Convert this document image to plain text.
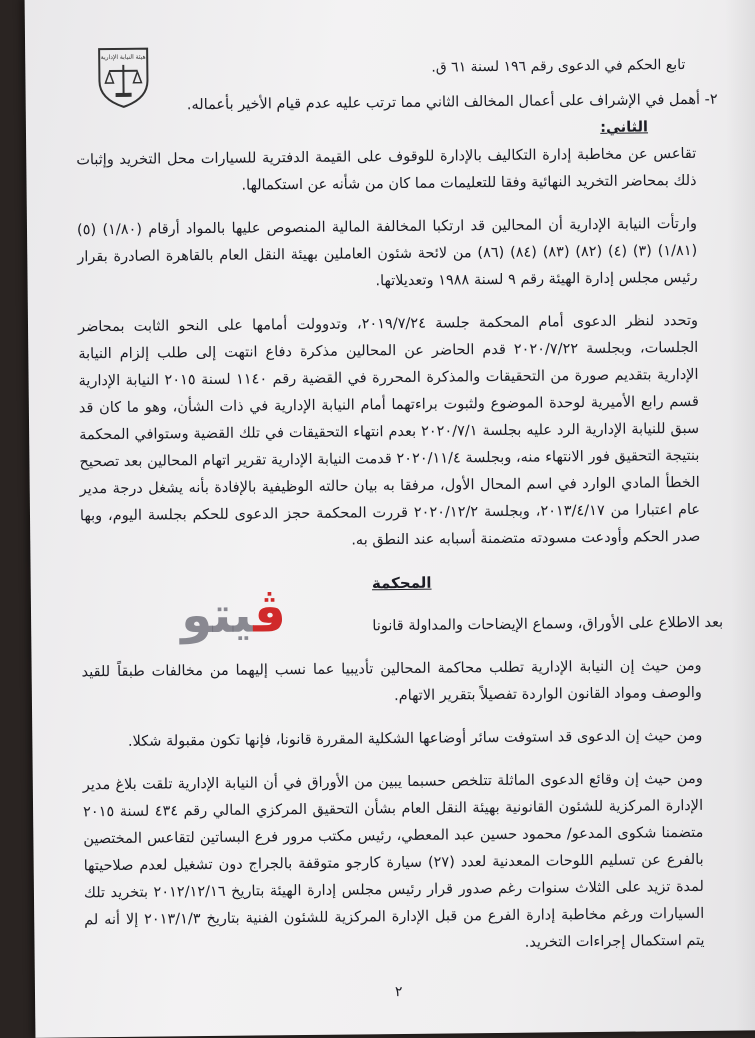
هيئة النيابة الإدارية
تابع الحكم في الدعوى رقم ١٩٦ لسنة ٦١ ق.

٢- أهمل في الإشراف على أعمال المخالف الثاني مما ترتب عليه عدم قيام الأخير بأعماله.

الثاني:

تقاعس عن مخاطبة إدارة التكاليف بالإدارة للوقوف على القيمة الدفترية للسيارات محل التخريد وإثبات ذلك بمحاضر التخريد النهائية وفقا للتعليمات مما كان من شأنه عن استكمالها.

وارتأت النيابة الإدارية أن المحالين قد ارتكبا المخالفة المالية المنصوص عليها بالمواد أرقام (١/٨٠) (٥) (١/٨١) (٣) (٤) (٨٢) (٨٣) (٨٤) (٨٦) من لائحة شئون العاملين بهيئة النقل العام بالقاهرة الصادرة بقرار رئيس مجلس إدارة الهيئة رقم ٩ لسنة ١٩٨٨ وتعديلاتها.

وتحدد لنظر الدعوى أمام المحكمة جلسة ٢٠١٩/٧/٢٤، وتدوولت أمامها على النحو الثابت بمحاضر الجلسات، وبجلسة ٢٠٢٠/٧/٢٢ قدم الحاضر عن المحالين مذكرة دفاع انتهت إلى طلب إلزام النيابة الإدارية بتقديم صورة من التحقيقات والمذكرة المحررة في القضية رقم ١١٤٠ لسنة ٢٠١٥ النيابة الإدارية قسم رابع الأميرية لوحدة الموضوع ولثبوت براءتهما أمام النيابة الإدارية في ذات الشأن، وهو ما كان قد سبق للنيابة الإدارية الرد عليه بجلسة ٢٠٢٠/٧/١ بعدم انتهاء التحقيقات في تلك القضية وستوافي المحكمة بنتيجة التحقيق فور الانتهاء منه، وبجلسة ٢٠٢٠/١١/٤ قدمت النيابة الإدارية تقرير اتهام المحالين بعد تصحيح الخطأ المادي الوارد في اسم المحال الأول، مرفقا به بيان حالته الوظيفية بالإفادة بأنه يشغل درجة مدير عام اعتبارا من ٢٠١٣/٤/١٧، وبجلسة ٢٠٢٠/١٢/٢ قررت المحكمة حجز الدعوى للحكم بجلسة اليوم، وبها صدر الحكم وأودعت مسودته متضمنة أسبابه عند النطق به.

المحكمة

بعد الاطلاع على الأوراق، وسماع الإيضاحات والمداولة قانونا

ومن حيث إن النيابة الإدارية تطلب محاكمة المحالين تأديبيا عما نسب إليهما من مخالفات طبقاً للقيد والوصف ومواد القانون الواردة تفصيلاً بتقرير الاتهام.

ومن حيث إن الدعوى قد استوفت سائر أوضاعها الشكلية المقررة قانونا، فإنها تكون مقبولة شكلا.

ومن حيث إن وقائع الدعوى الماثلة تتلخص حسبما يبين من الأوراق في أن النيابة الإدارية تلقت بلاغ مدير الإدارة المركزية للشئون القانونية بهيئة النقل العام بشأن التحقيق المركزي المالي رقم ٤٣٤ لسنة ٢٠١٥ متضمنا شكوى المدعو/ محمود حسين عبد المعطي، رئيس مكتب مرور فرع البساتين لتقاعس المختصين بالفرع عن تسليم اللوحات المعدنية لعدد (٢٧) سيارة كارجو متوقفة بالجراج دون تشغيل لعدم صلاحيتها لمدة تزيد على الثلاث سنوات رغم صدور قرار رئيس مجلس إدارة الهيئة بتاريخ ٢٠١٢/١٢/١٦ بتخريد تلك السيارات ورغم مخاطبة إدارة الفرع من قبل الإدارة المركزية للشئون الفنية بتاريخ ٢٠١٣/١/٣ إلا أنه لم يتم استكمال إجراءات التخريد.

ڤيتو
٢
